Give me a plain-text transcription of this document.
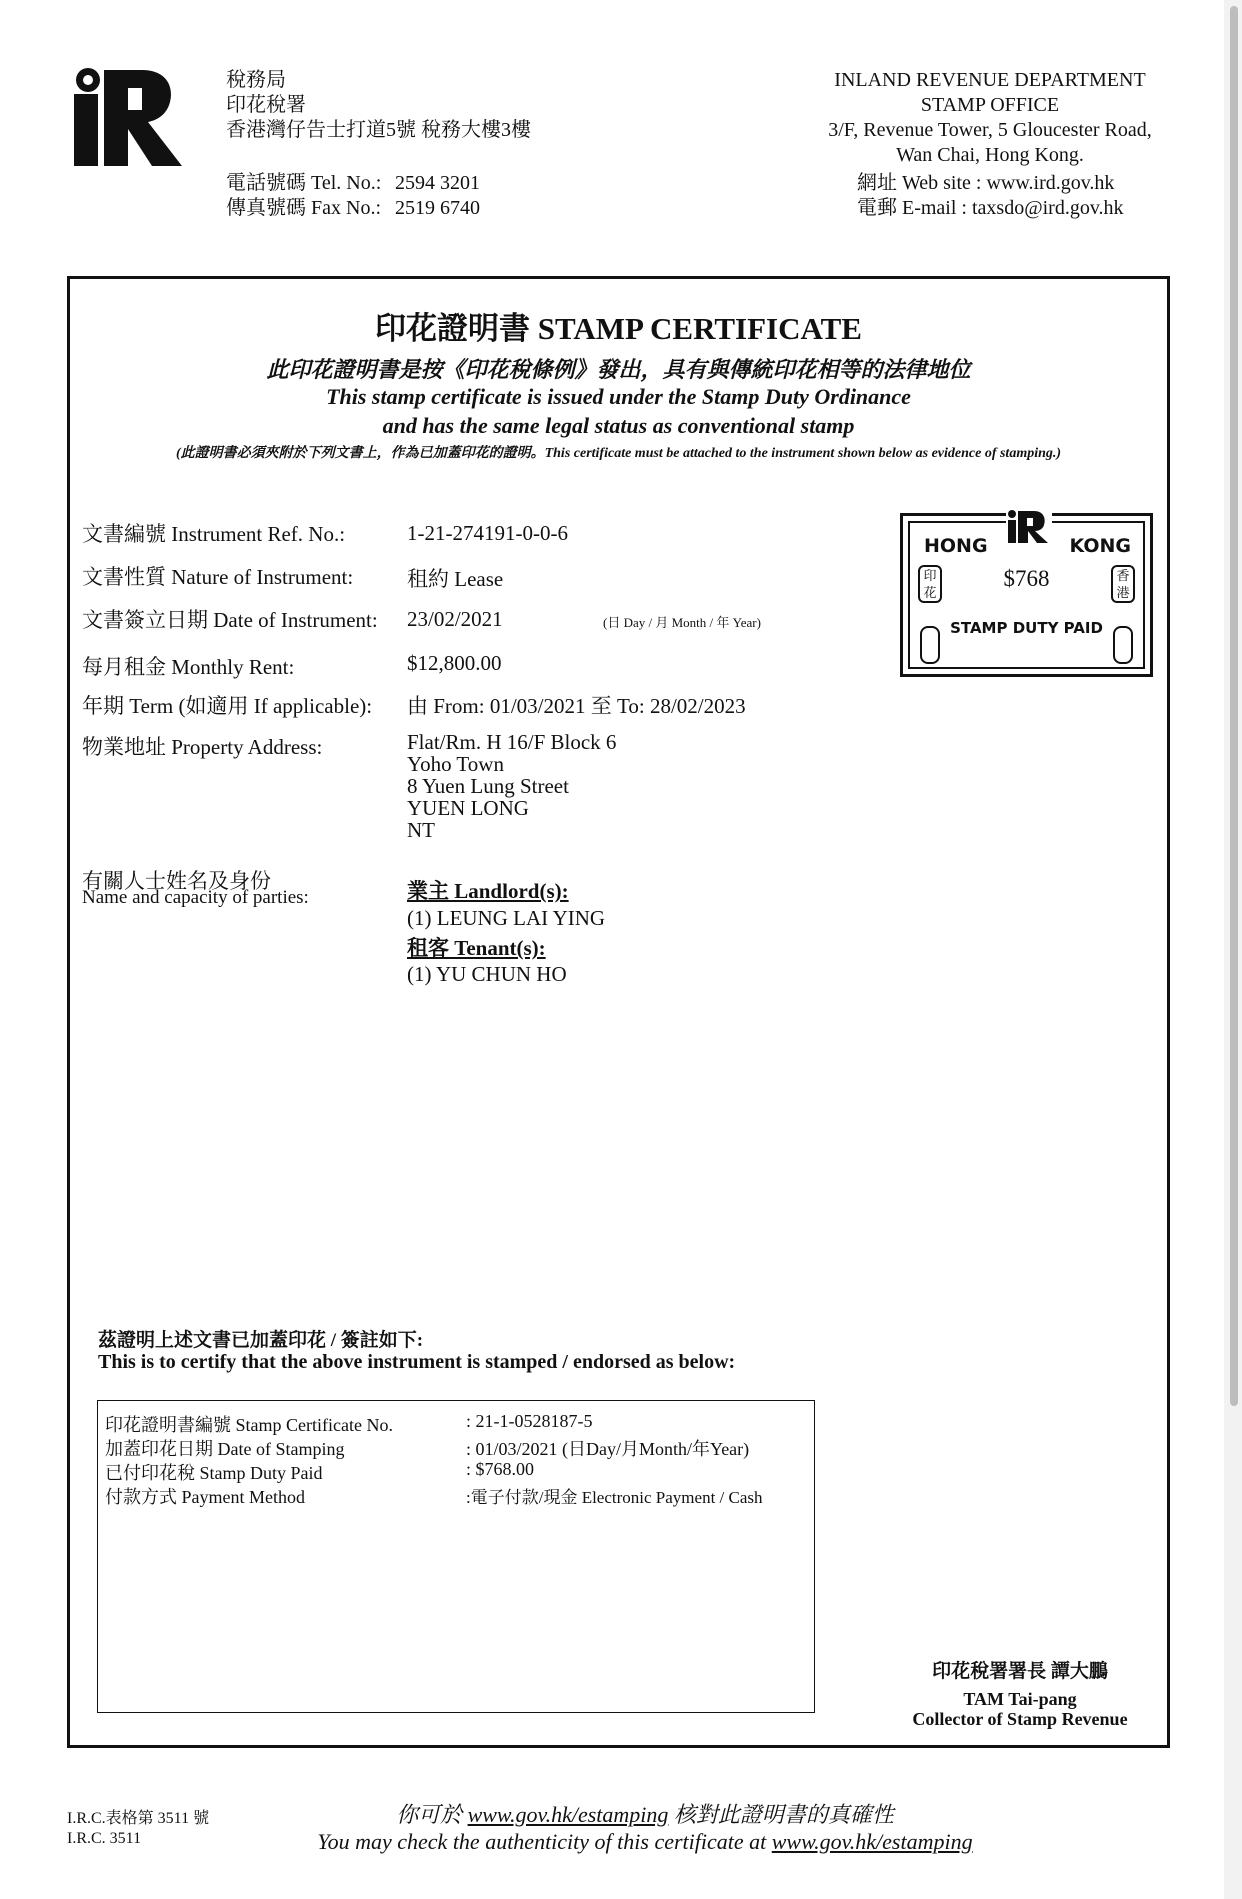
稅務局
印花稅署
香港灣仔告士打道5號 稅務大樓3樓
電話號碼 Tel. No.: 2594 3201
傳真號碼 Fax No.: 2519 6740
INLAND REVENUE DEPARTMENT
STAMP OFFICE
3/F, Revenue Tower, 5 Gloucester Road,
Wan Chai, Hong Kong.
網址 Web site : www.ird.gov.hk
電郵 E-mail : taxsdo@ird.gov.hk
印花證明書 STAMP CERTIFICATE
此印花證明書是按《印花稅條例》發出，具有與傳統印花相等的法律地位
This stamp certificate is issued under the Stamp Duty Ordinance
and has the same legal status as conventional stamp
(此證明書必須夾附於下列文書上，作為已加蓋印花的證明。This certificate must be attached to the instrument shown below as evidence of stamping.)
文書編號 Instrument Ref. No.:	1-21-274191-0-0-6
文書性質 Nature of Instrument:	租約 Lease
文書簽立日期 Date of Instrument: 23/02/2021	(日 Day / 月 Month / 年 Year)
每月租金 Monthly Rent:	$12,800.00
年期 Term (如適用 If applicable): 由 From: 01/03/2021 至 To: 28/02/2023
物業地址 Property Address:	Flat/Rm. H 16/F Block 6
Yoho Town
8 Yuen Lung Street
YUEN LONG
NT
有關人士姓名及身份
Name and capacity of parties:	業主 Landlord(s):
(1) LEUNG LAI YING
租客 Tenant(s):
(1) YU CHUN HO
HONG	KONG
印花
香港
$768
STAMP DUTY PAID
茲證明上述文書已加蓋印花 / 簽註如下:
This is to certify that the above instrument is stamped / endorsed as below:
印花證明書編號 Stamp Certificate No.	: 21-1-0528187-5
加蓋印花日期 Date of Stamping	: 01/03/2021 (日Day/月Month/年Year)
已付印花稅 Stamp Duty Paid	: $768.00
付款方式 Payment Method	:電子付款/現金 Electronic Payment / Cash
印花稅署署長 譚大鵬
TAM Tai-pang
Collector of Stamp Revenue
I.R.C.表格第 3511 號
I.R.C. 3511
你可於 www.gov.hk/estamping 核對此證明書的真確性
You may check the authenticity of this certificate at www.gov.hk/estamping
